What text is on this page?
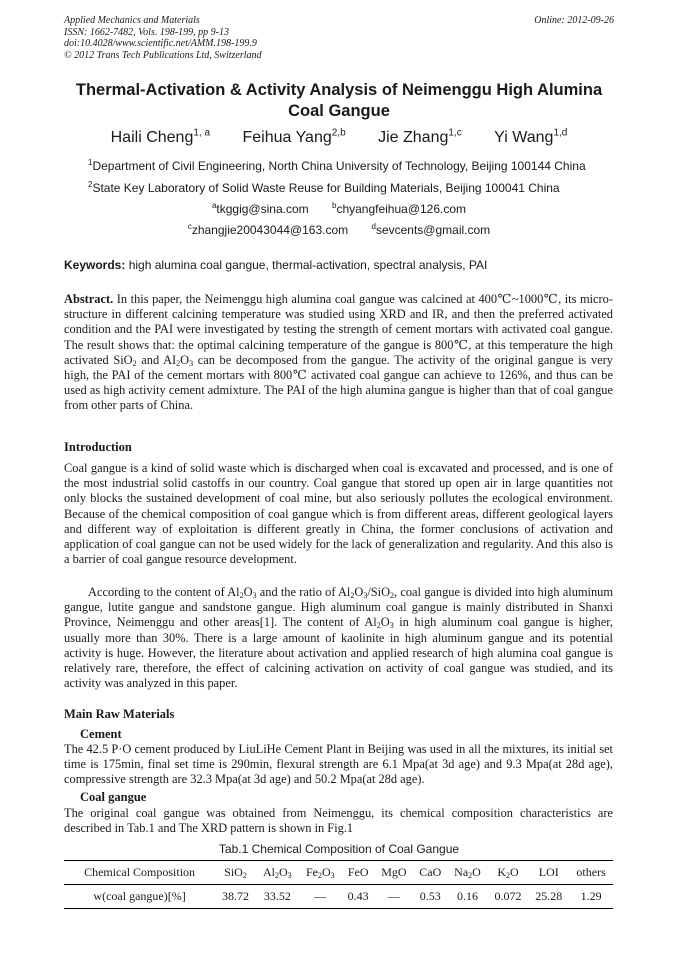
Applied Mechanics and Materials
ISSN: 1662-7482, Vols. 198-199, pp 9-13
doi:10.4028/www.scientific.net/AMM.198-199.9
© 2012 Trans Tech Publications Ltd, Switzerland
Online: 2012-09-26
Thermal-Activation & Activity Analysis of Neimenggu High Alumina Coal Gangue
Haili Cheng$^{1, a}$ Feihua Yang$^{2,b}$ Jie Zhang$^{1,c}$ Yi Wang$^{1,d}$
$^1$Department of Civil Engineering, North China University of Technology, Beijing 100144 China
$^2$State Key Laboratory of Solid Waste Reuse for Building Materials, Beijing 100041 China
$^a$tkggig@sina.com	$^b$chyangfeihua@126.com
$^c$zhangjie20043044@163.com	$^d$sevcents@gmail.com
Keywords: high alumina coal gangue, thermal-activation, spectral analysis, PAI
Abstract. In this paper, the Neimenggu high alumina coal gangue was calcined at 400℃~1000℃, its micro-structure in different calcining temperature was studied using XRD and IR, and then the preferred activated condition and the PAI were investigated by testing the strength of cement mortars with activated coal gangue. The result shows that: the optimal calcining temperature of the gangue is 800℃, at this temperature the high activated SiO$_2$ and $AI_2O_3$ can be decomposed from the gangue. The activity of the original gangue is very high, the PAI of the cement mortars with 800℃ activated coal gangue can achieve to 126%, and thus can be used as high activity cement admixture. The PAI of the high alumina gangue is higher than that of coal gangue from other parts of China.
Introduction
Coal gangue is a kind of solid waste which is discharged when coal is excavated and processed, and is one of the most industrial solid castoffs in our country. Coal gangue that stored up open air in large quantities not only blocks the sustained development of coal mine, but also seriously pollutes the ecological environment. Because of the chemical composition of coal gangue which is from different areas, different geological layers and different way of exploitation is different greatly in China, the former conclusions of activation and application of coal gangue can not be used widely for the lack of generalization and regularity. And this also is a barrier of coal gangue resource development.
According to the content of $Al_2O_3$ and the ratio of $Al_2O_3/SiO_2$, coal gangue is divided into high aluminum gangue, lutite gangue and sandstone gangue. High aluminum coal gangue is mainly distributed in Shanxi Province, Neimenggu and other areas[1]. The content of $Al_2O_3$ in high aluminum coal gangue is higher, usually more than 30%. There is a large amount of kaolinite in high aluminum gangue and its potential activity is huge. However, the literature about activation and applied research of high alumina coal gangue is relatively rare, therefore, the effect of calcining activation on activity of coal gangue was studied, and its activity was analyzed in this paper.
Main Raw Materials
Cement
The 42.5 P·O cement produced by LiuLiHe Cement Plant in Beijing was used in all the mixtures, its initial set time is 175min, final set time is 290min, flexural strength are 6.1 Mpa(at 3d age) and 9.3 Mpa(at 28d age), compressive strength are 32.3 Mpa(at 3d age) and 50.2 Mpa(at 28d age).
Coal gangue
The original coal gangue was obtained from Neimenggu, its chemical composition characteristics are described in Tab.1 and The XRD pattern is shown in Fig.1
Tab.1 Chemical Composition of Coal Gangue
Chemical Composition	SiO$_2$	$Al_2O_3$	$Fe_2O_3$	FeO	MgO	CaO	$Na_2O$	$K_2O$	LOI	others
w(coal gangue)[%]	38.72	33.52	—	0.43	—	0.53	0.16	0.072	25.28	1.29
